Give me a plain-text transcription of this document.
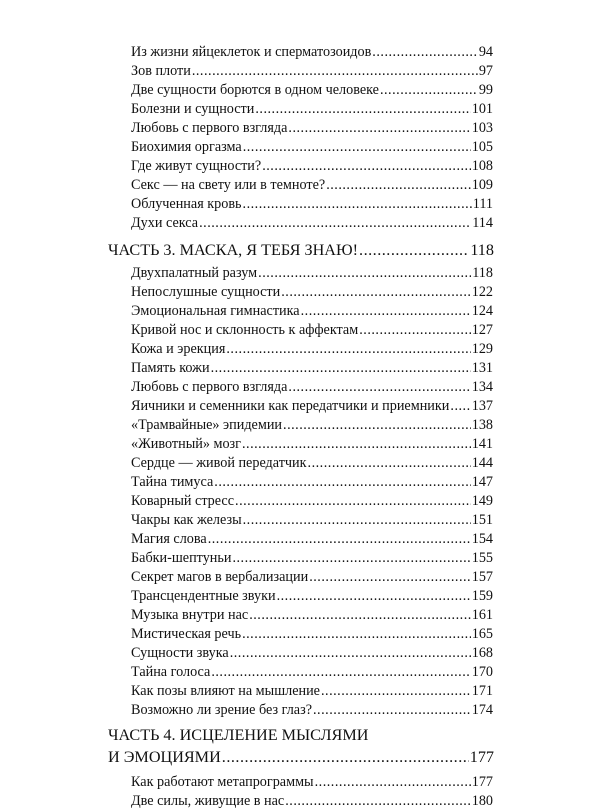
Из жизни яйцеклеток и сперматозоидов .....	94
Зов плоти .....	97
Две сущности борются в одном человеке .....	99
Болезни и сущности .....	101
Любовь с первого взгляда .....	103
Биохимия оргазма .....	105
Где живут сущности? .....	108
Секс — на свету или в темноте? .....	109
Облученная кровь .....	111
Духи секса .....	114
ЧАСТЬ 3. МАСКА, Я ТЕБЯ ЗНАЮ! .....	118
Двухпалатный разум .....	118
Непослушные сущности .....	122
Эмоциональная гимнастика .....	124
Кривой нос и склонность к аффектам .....	127
Кожа и эрекция .....	129
Память кожи .....	131
Любовь с первого взгляда .....	134
Яичники и семенники как передатчики и приемники ..... 137
«Трамвайные» эпидемии .....	138
«Животный» мозг .....	141
Сердце — живой передатчик .....	144
Тайна тимуса .....	147
Коварный стресс .....	149
Чакры как железы .....	151
Магия слова .....	154
Бабки-шептуньи .....	155
Секрет магов в вербализации .....	157
Трансцендентные звуки .....	159
Музыка внутри нас .....	161
Мистическая речь .....	165
Сущности звука .....	168
Тайна голоса .....	170
Как позы влияют на мышление .....	171
Возможно ли зрение без глаз? .....	174
ЧАСТЬ 4. ИСЦЕЛЕНИЕ МЫСЛЯМИ
И ЭМОЦИЯМИ .....	177
Как работают метапрограммы .....	177
Две силы, живущие в нас .....	180
